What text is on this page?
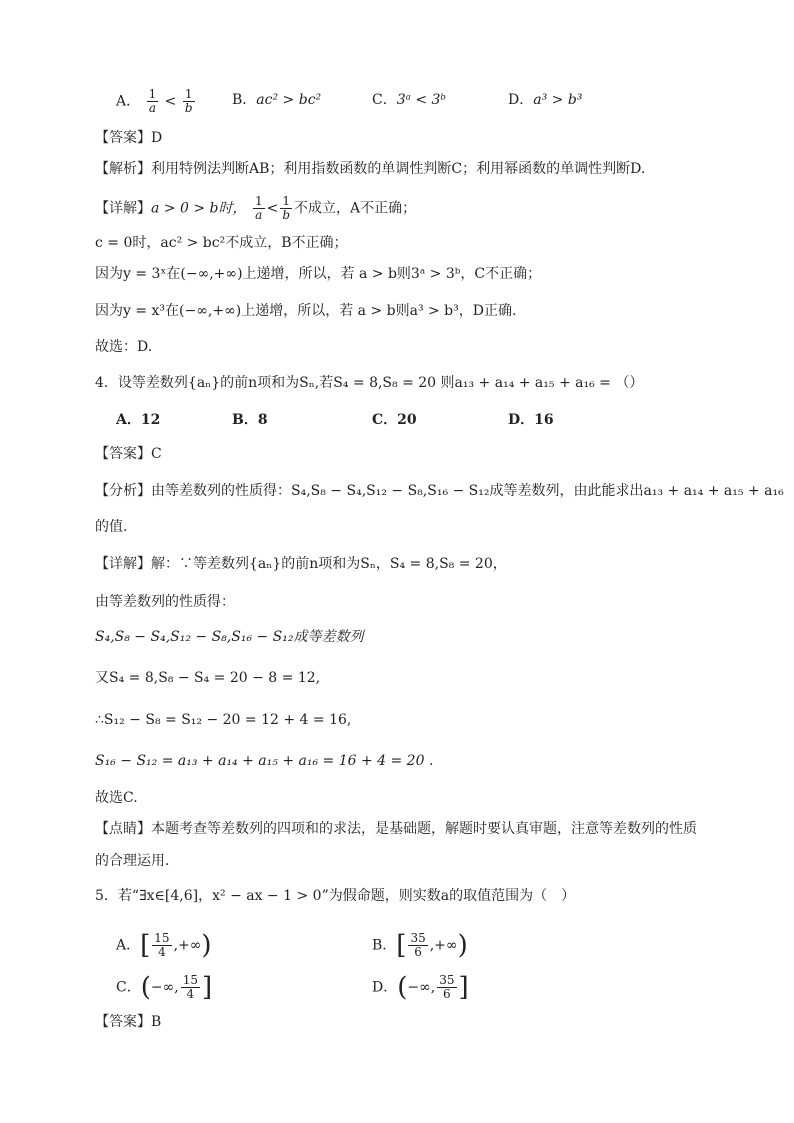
A． $\frac{1}{a} < \frac{1}{b}$	B．ac² > bc²	C．3ᵃ < 3ᵇ	D．a³ > b³
【答案】D
【解析】利用特例法判断AB；利用指数函数的单调性判断C；利用幂函数的单调性判断D.
【详解】a > 0 > b时， $\frac{1}{a} < \frac{1}{b}$ 不成立，A不正确；
c = 0时，ac² > bc²不成立，B不正确；
因为y = 3ˣ在(−∞,+∞)上递增，所以，若 a > b则3ᵃ > 3ᵇ，C不正确；
因为y = x³在(−∞,+∞)上递增，所以，若 a > b则a³ > b³，D正确.
故选：D.
4．设等差数列{aₙ}的前n项和为Sₙ,若S₄ = 8,S₈ = 20 则a₁₃ + a₁₄ + a₁₅ + a₁₆ = （）
A．12	B．8	C．20	D．16
【答案】C
【分析】由等差数列的性质得：S₄,S₈ − S₄,S₁₂ − S₈,S₁₆ − S₁₂成等差数列，由此能求出a₁₃ + a₁₄ + a₁₅ + a₁₆
的值.
【详解】解：∵等差数列{aₙ}的前n项和为Sₙ，S₄ = 8,S₈ = 20，
由等差数列的性质得：
S₄,S₈ − S₄,S₁₂ − S₈,S₁₆ − S₁₂成等差数列
又S₄ = 8,S₈ − S₄ = 20 − 8 = 12,
∴S₁₂ − S₈ = S₁₂ − 20 = 12 + 4 = 16,
S₁₆ − S₁₂ = a₁₃ + a₁₄ + a₁₅ + a₁₆ = 16 + 4 = 20 .
故选C.
【点睛】本题考查等差数列的四项和的求法，是基础题，解题时要认真审题，注意等差数列的性质
的合理运用.
5．若“∃x∈[4,6]，x² − ax − 1 > 0”为假命题，则实数a的取值范围为（　）
A．[ $\frac{15}{4}$ ,+∞)	B．[ $\frac{35}{6}$ ,+∞)
C．(−∞, $\frac{15}{4}$ ]	D．(−∞, $\frac{35}{6}$ ]
【答案】B
